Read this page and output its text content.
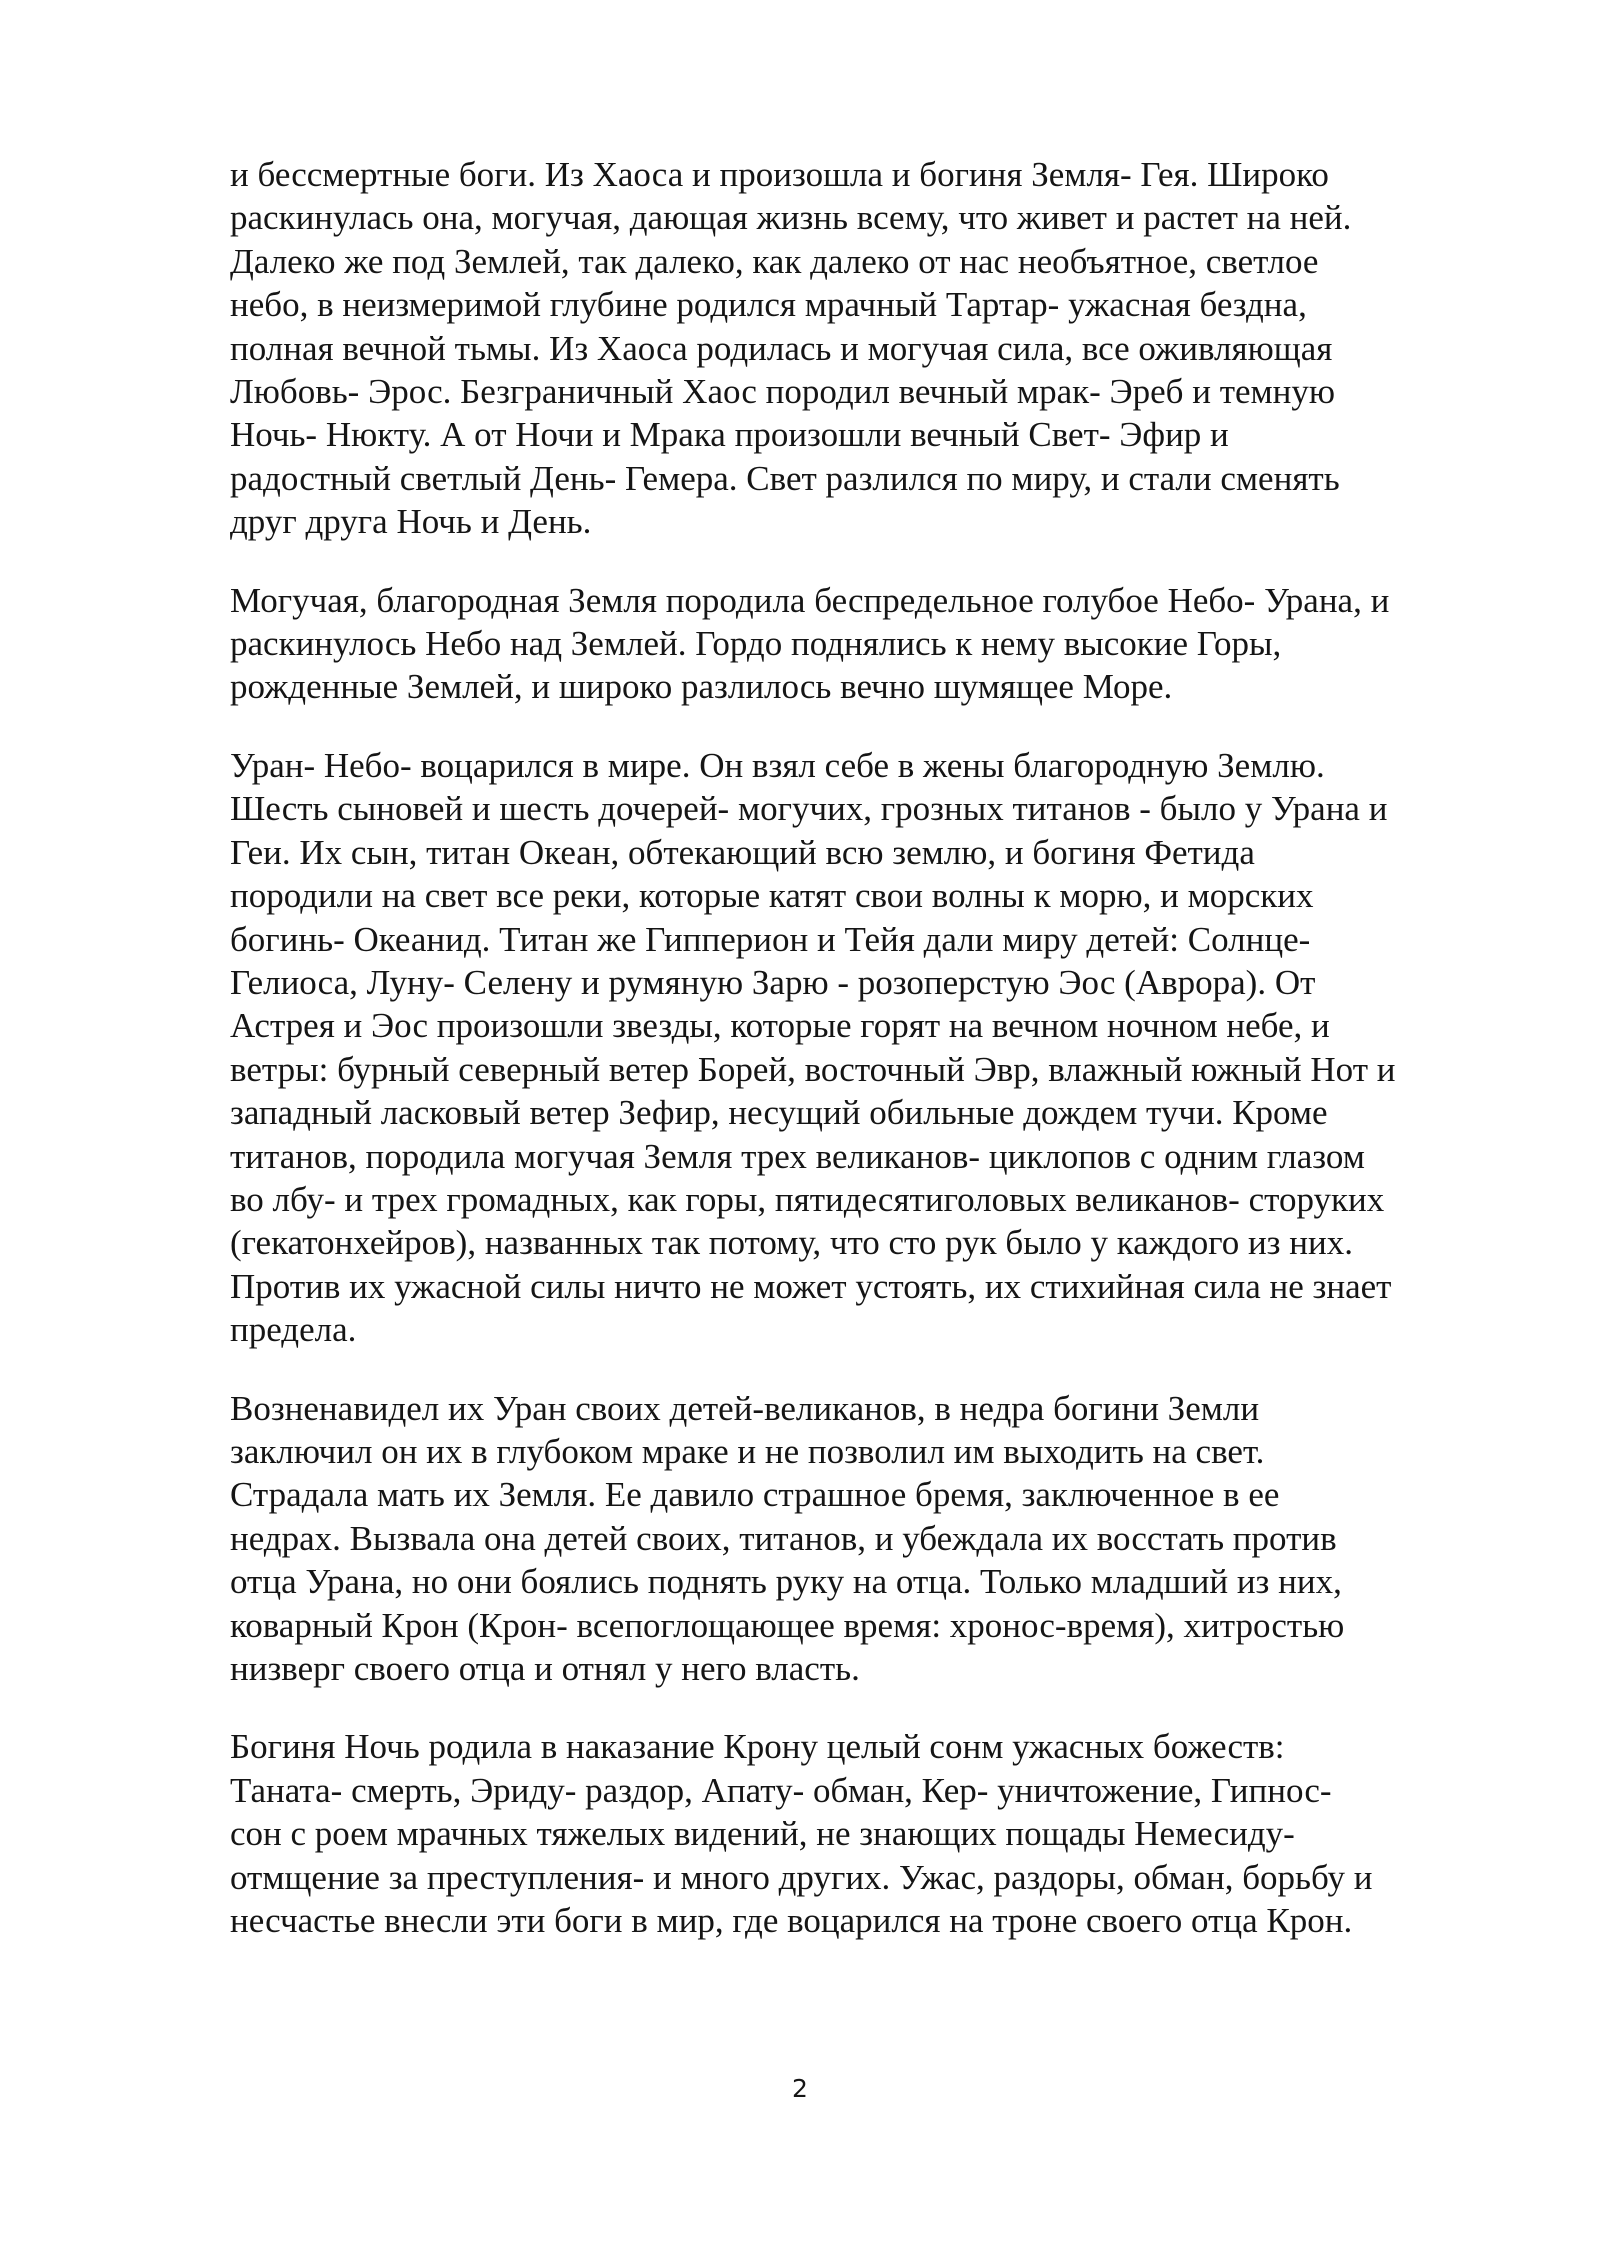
и бессмертные боги. Из Хаоса и произошла и богиня Земля- Гея. Широко
раскинулась она, могучая, дающая жизнь всему, что живет и растет на ней.
Далеко же под Землей, так далеко, как далеко от нас необъятное, светлое
небо, в неизмеримой глубине родился мрачный Тартар- ужасная бездна,
полная вечной тьмы. Из Хаоса родилась и могучая сила, все оживляющая
Любовь- Эрос. Безграничный Хаос породил вечный мрак- Эреб и темную
Ночь- Нюкту. А от Ночи и Мрака произошли вечный Свет- Эфир и
радостный светлый День- Гемера. Свет разлился по миру, и стали сменять
друг друга Ночь и День.

Могучая, благородная Земля породила беспредельное голубое Небо- Урана, и
раскинулось Небо над Землей. Гордо поднялись к нему высокие Горы,
рожденные Землей, и широко разлилось вечно шумящее Море.

Уран- Небо- воцарился в мире. Он взял себе в жены благородную Землю.
Шесть сыновей и шесть дочерей- могучих, грозных титанов - было у Урана и
Геи. Их сын, титан Океан, обтекающий всю землю, и богиня Фетида
породили на свет все реки, которые катят свои волны к морю, и морских
богинь- Океанид. Титан же Гипперион и Тейя дали миру детей: Солнце-
Гелиоса, Луну- Селену и румяную Зарю - розоперстую Эос (Аврора). От
Астрея и Эос произошли звезды, которые горят на вечном ночном небе, и
ветры: бурный северный ветер Борей, восточный Эвр, влажный южный Нот и
западный ласковый ветер Зефир, несущий обильные дождем тучи. Кроме
титанов, породила могучая Земля трех великанов- циклопов с одним глазом
во лбу- и трех громадных, как горы, пятидесятиголовых великанов- сторуких
(гекатонхейров), названных так потому, что сто рук было у каждого из них.
Против их ужасной силы ничто не может устоять, их стихийная сила не знает
предела.

Возненавидел их Уран своих детей-великанов, в недра богини Земли
заключил он их в глубоком мраке и не позволил им выходить на свет.
Страдала мать их Земля. Ее давило страшное бремя, заключенное в ее
недрах. Вызвала она детей своих, титанов, и убеждала их восстать против
отца Урана, но они боялись поднять руку на отца. Только младший из них,
коварный Крон (Крон- всепоглощающее время: хронос-время), хитростью
низверг своего отца и отнял у него власть.

Богиня Ночь родила в наказание Крону целый сонм ужасных божеств:
Таната- смерть, Эриду- раздор, Апату- обман, Кер- уничтожение, Гипнос-
сон с роем мрачных тяжелых видений, не знающих пощады Немесиду-
отмщение за преступления- и много других. Ужас, раздоры, обман, борьбу и
несчастье внесли эти боги в мир, где воцарился на троне своего отца Крон.

2
